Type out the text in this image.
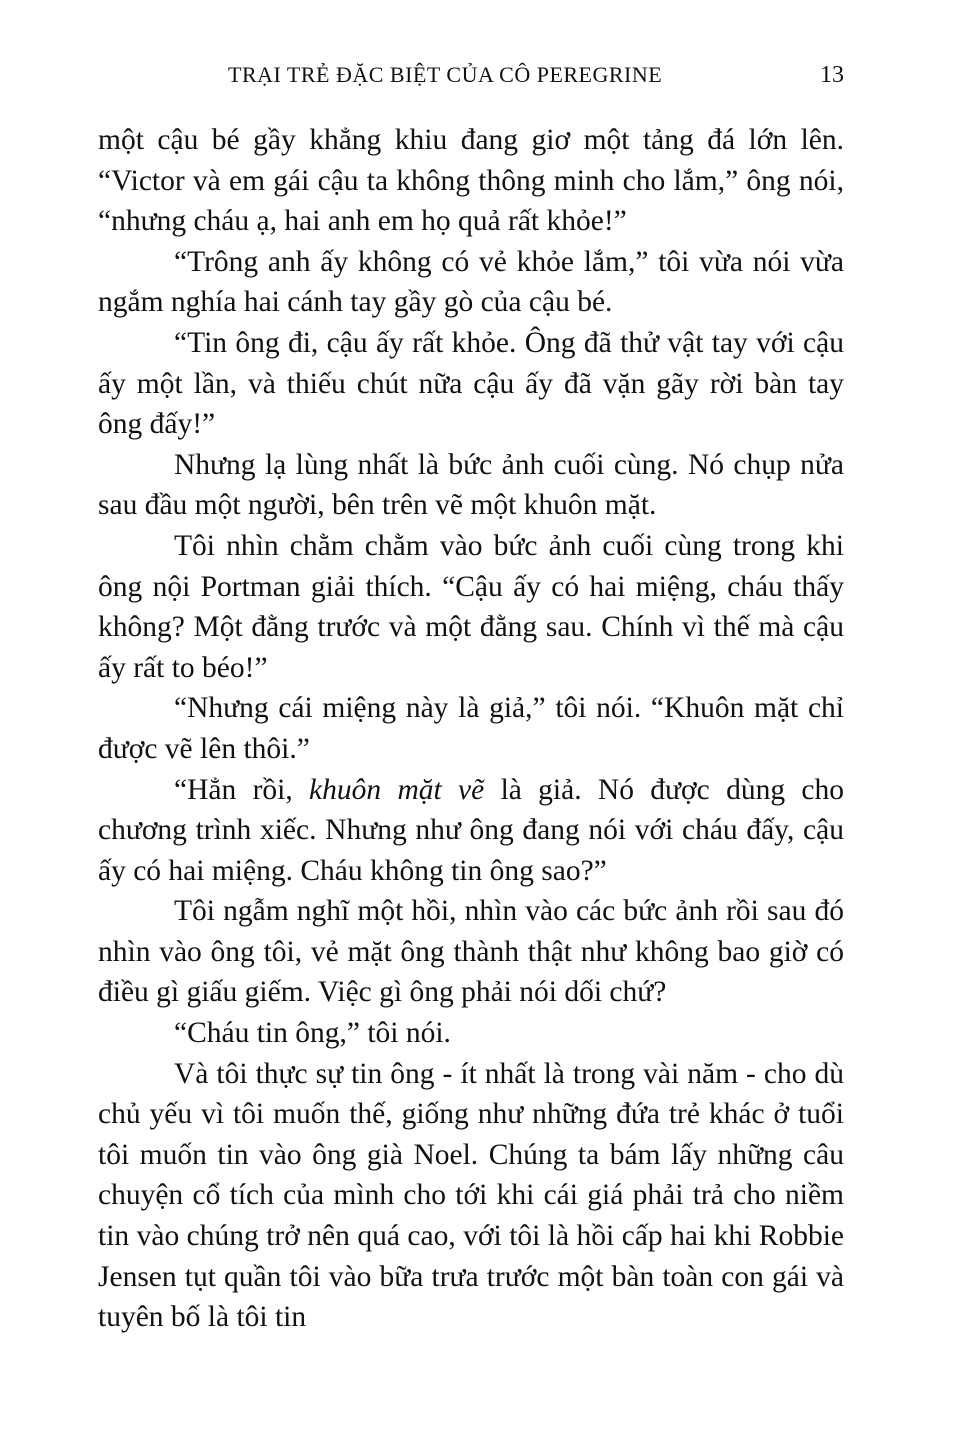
TRẠI TRẺ ĐẶC BIỆT CỦA CÔ PEREGRINE	13

một cậu bé gầy khẳng khiu đang giơ một tảng đá lớn lên. “Victor và em gái cậu ta không thông minh cho lắm,” ông nói, “nhưng cháu ạ, hai anh em họ quả rất khỏe!”

“Trông anh ấy không có vẻ khỏe lắm,” tôi vừa nói vừa ngắm nghía hai cánh tay gầy gò của cậu bé.

“Tin ông đi, cậu ấy rất khỏe. Ông đã thử vật tay với cậu ấy một lần, và thiếu chút nữa cậu ấy đã vặn gãy rời bàn tay ông đấy!”

Nhưng lạ lùng nhất là bức ảnh cuối cùng. Nó chụp nửa sau đầu một người, bên trên vẽ một khuôn mặt.

Tôi nhìn chằm chằm vào bức ảnh cuối cùng trong khi ông nội Portman giải thích. “Cậu ấy có hai miệng, cháu thấy không? Một đằng trước và một đằng sau. Chính vì thế mà cậu ấy rất to béo!”

“Nhưng cái miệng này là giả,” tôi nói. “Khuôn mặt chỉ được vẽ lên thôi.”

“Hẳn rồi, khuôn mặt vẽ là giả. Nó được dùng cho chương trình xiếc. Nhưng như ông đang nói với cháu đấy, cậu ấy có hai miệng. Cháu không tin ông sao?”

Tôi ngẫm nghĩ một hồi, nhìn vào các bức ảnh rồi sau đó nhìn vào ông tôi, vẻ mặt ông thành thật như không bao giờ có điều gì giấu giếm. Việc gì ông phải nói dối chứ?

“Cháu tin ông,” tôi nói.

Và tôi thực sự tin ông - ít nhất là trong vài năm - cho dù chủ yếu vì tôi muốn thế, giống như những đứa trẻ khác ở tuổi tôi muốn tin vào ông già Noel. Chúng ta bám lấy những câu chuyện cổ tích của mình cho tới khi cái giá phải trả cho niềm tin vào chúng trở nên quá cao, với tôi là hồi cấp hai khi Robbie Jensen tụt quần tôi vào bữa trưa trước một bàn toàn con gái và tuyên bố là tôi tin
